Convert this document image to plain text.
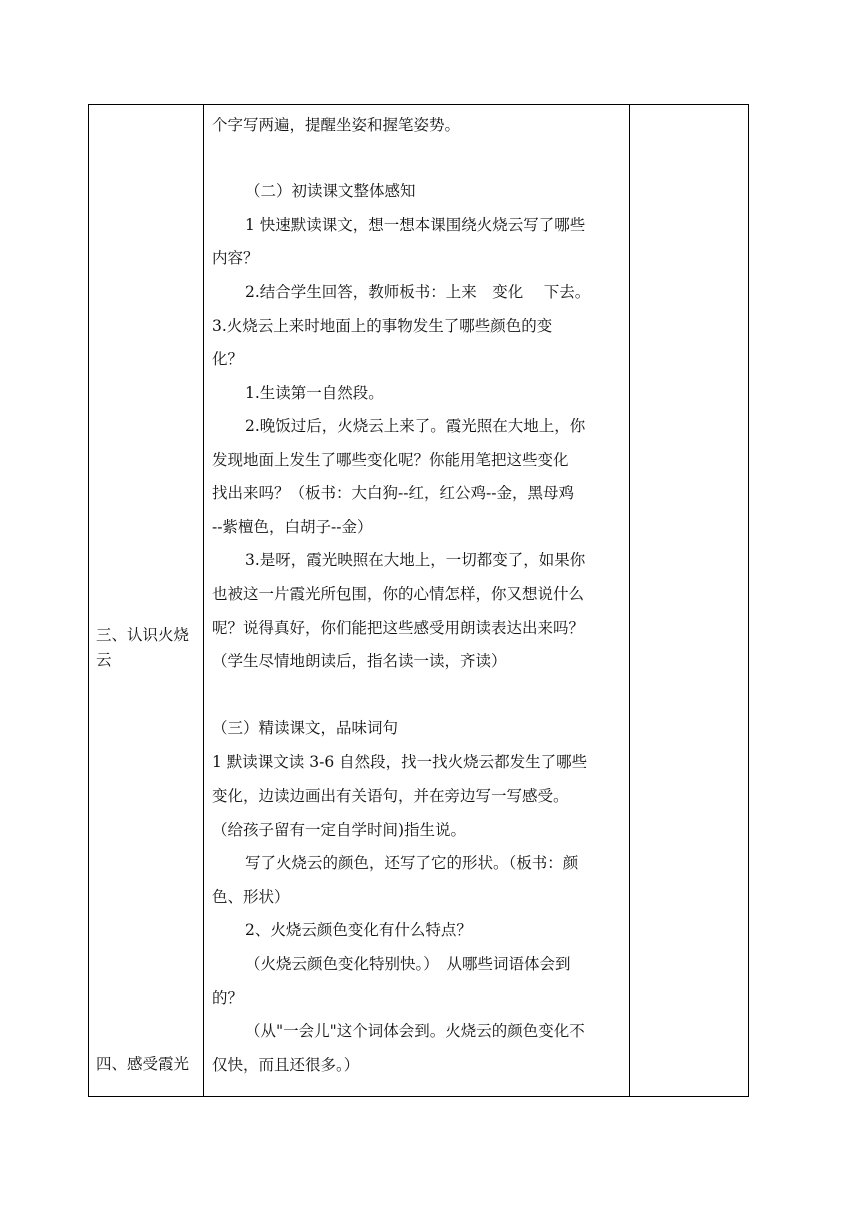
三、认识火烧
云
四、感受霞光
个字写两遍，提醒坐姿和握笔姿势。
（二）初读课文整体感知
1 快速默读课文，想一想本课围绕火烧云写了哪些
内容？
2.结合学生回答，教师板书：上来　变化　 下去。
3.火烧云上来时地面上的事物发生了哪些颜色的变
化？
1.生读第一自然段。
2.晚饭过后，火烧云上来了。霞光照在大地上，你
发现地面上发生了哪些变化呢？你能用笔把这些变化
找出来吗？（板书：大白狗--红，红公鸡--金，黑母鸡
--紫檀色，白胡子--金）
3.是呀，霞光映照在大地上，一切都变了，如果你
也被这一片霞光所包围，你的心情怎样，你又想说什么
呢？说得真好，你们能把这些感受用朗读表达出来吗？
（学生尽情地朗读后，指名读一读，齐读）
（三）精读课文，品味词句
1 默读课文读 3-6 自然段，找一找火烧云都发生了哪些
变化，边读边画出有关语句，并在旁边写一写感受。
（给孩子留有一定自学时间)指生说。
写了火烧云的颜色，还写了它的形状。（板书：颜
色、形状）
2、火烧云颜色变化有什么特点？
（火烧云颜色变化特别快。）　从哪些词语体会到
的？
（从"一会儿"这个词体会到。火烧云的颜色变化不
仅快，而且还很多。）
